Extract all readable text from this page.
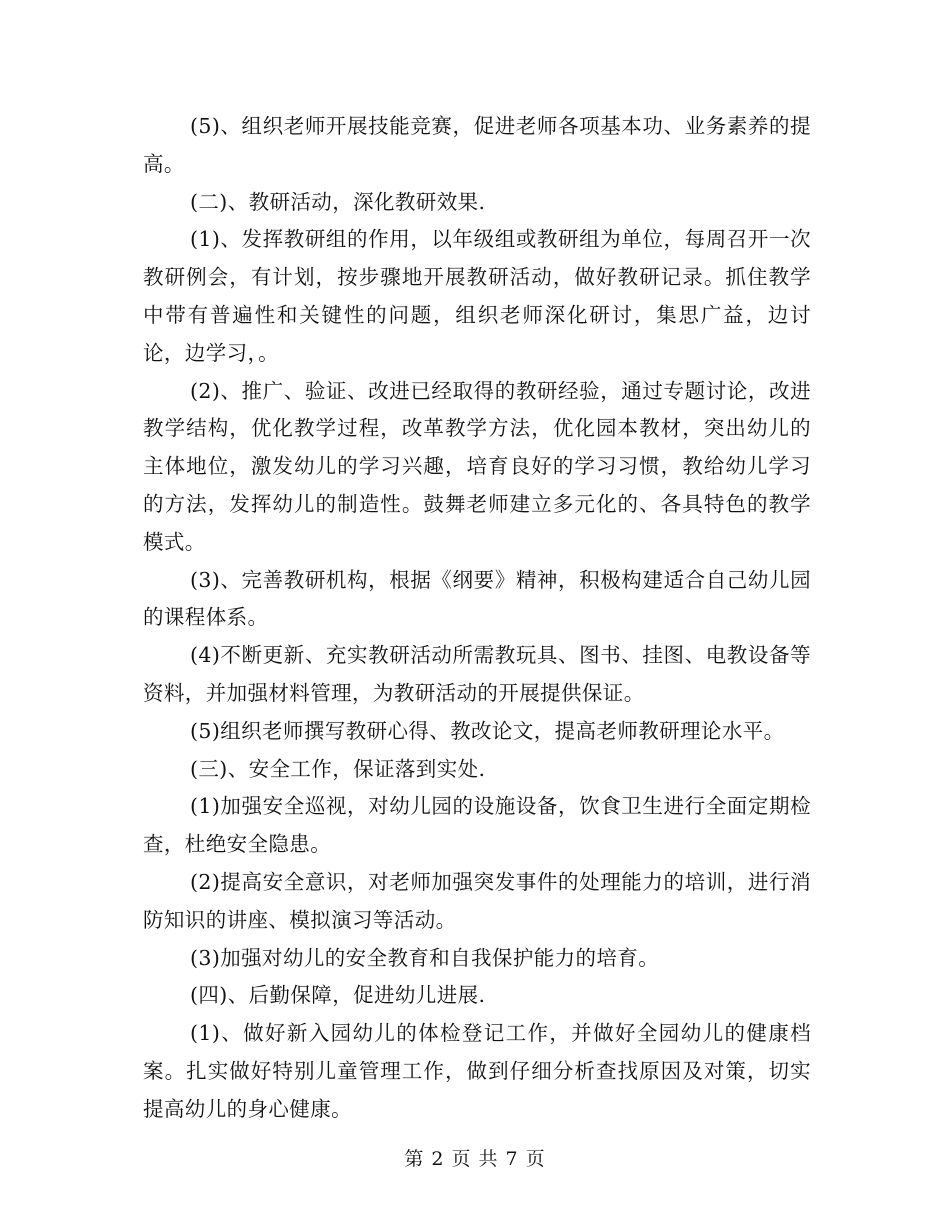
(5)、组织老师开展技能竞赛，促进老师各项基本功、业务素养的提高。

(二)、教研活动，深化教研效果.

(1)、发挥教研组的作用，以年级组或教研组为单位，每周召开一次教研例会，有计划，按步骤地开展教研活动，做好教研记录。抓住教学中带有普遍性和关键性的问题，组织老师深化研讨，集思广益，边讨论，边学习，。

(2)、推广、验证、改进已经取得的教研经验，通过专题讨论，改进教学结构，优化教学过程，改革教学方法，优化园本教材，突出幼儿的主体地位，激发幼儿的学习兴趣，培育良好的学习习惯，教给幼儿学习的方法，发挥幼儿的制造性。鼓舞老师建立多元化的、各具特色的教学模式。

(3)、完善教研机构，根据《纲要》精神，积极构建适合自己幼儿园的课程体系。

(4)不断更新、充实教研活动所需教玩具、图书、挂图、电教设备等资料，并加强材料管理，为教研活动的开展提供保证。

(5)组织老师撰写教研心得、教改论文，提高老师教研理论水平。

(三)、安全工作，保证落到实处.

(1)加强安全巡视，对幼儿园的设施设备，饮食卫生进行全面定期检查，杜绝安全隐患。

(2)提高安全意识，对老师加强突发事件的处理能力的培训，进行消防知识的讲座、模拟演习等活动。

(3)加强对幼儿的安全教育和自我保护能力的培育。

(四)、后勤保障，促进幼儿进展.

(1)、做好新入园幼儿的体检登记工作，并做好全园幼儿的健康档案。扎实做好特别儿童管理工作，做到仔细分析查找原因及对策，切实提高幼儿的身心健康。

第 2 页 共 7 页
